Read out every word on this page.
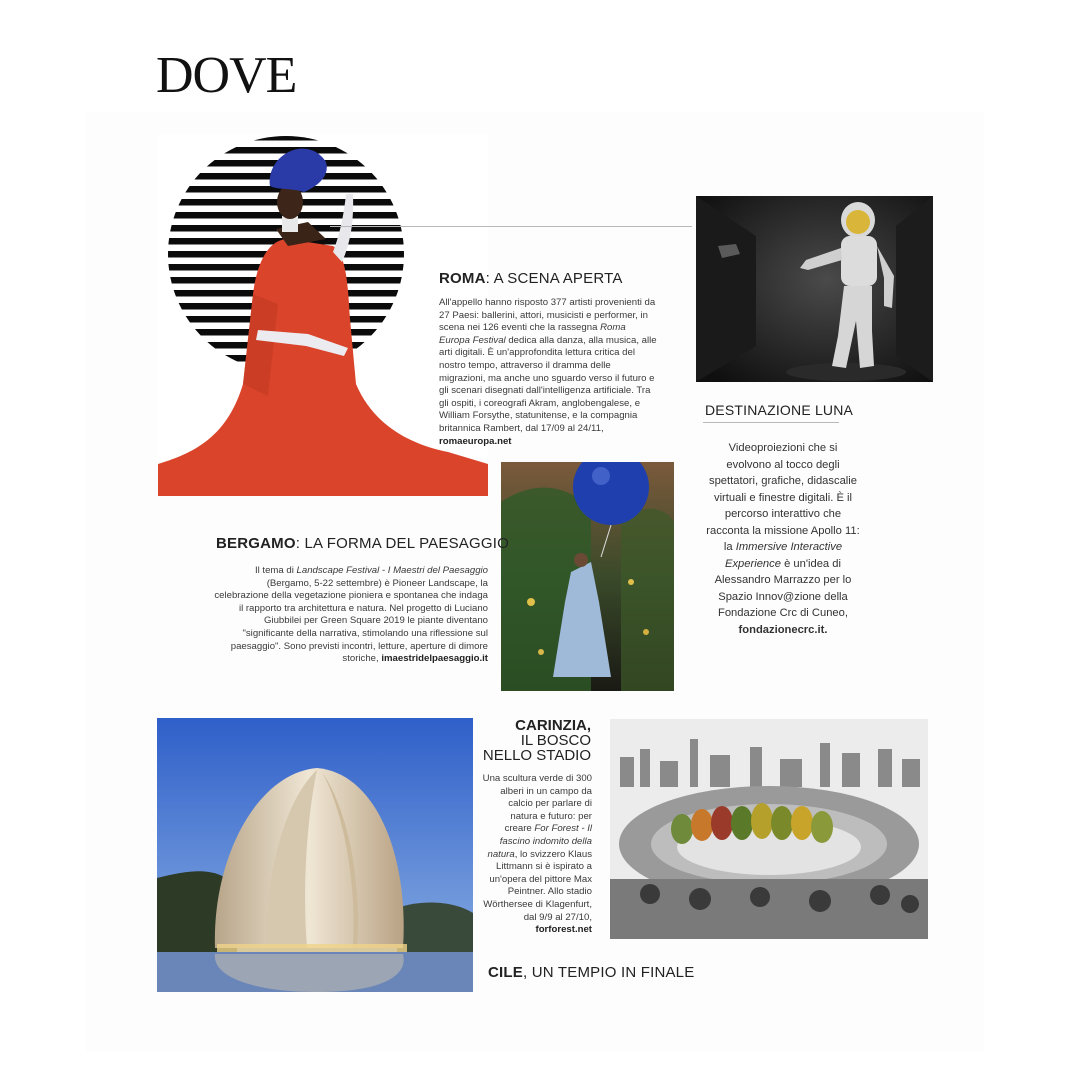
DOVE
ROMA: A SCENA APERTA
All'appello hanno risposto 377 artisti provenienti da 27 Paesi: ballerini, attori, musicisti e performer, in scena nei 126 eventi che la rassegna Roma Europa Festival dedica alla danza, alla musica, alle arti digitali. È un'approfondita lettura critica del nostro tempo, attraverso il dramma delle migrazioni, ma anche uno sguardo verso il futuro e gli scenari disegnati dall'intelligenza artificiale. Tra gli ospiti, i coreografi Akram, anglobengalese, e William Forsythe, statunitense, e la compagnia britannica Rambert, dal 17/09 al 24/11, romaeuropa.net
DESTINAZIONE LUNA
Videoproiezioni che si evolvono al tocco degli spettatori, grafiche, didascalie virtuali e finestre digitali. È il percorso interattivo che racconta la missione Apollo 11: la Immersive Interactive Experience è un'idea di Alessandro Marrazzo per lo Spazio Innov@zione della Fondazione Crc di Cuneo, fondazionecrc.it.
BERGAMO: LA FORMA DEL PAESAGGIO
Il tema di Landscape Festival - I Maestri del Paesaggio (Bergamo, 5-22 settembre) è Pioneer Landscape, la celebrazione della vegetazione pioniera e spontanea che indaga il rapporto tra architettura e natura. Nel progetto di Luciano Giubbilei per Green Square 2019 le piante diventano "significante della narrativa, stimolando una riflessione sul paesaggio". Sono previsti incontri, letture, aperture di dimore storiche, imaestridelpaesaggio.it
CARINZIA,
IL BOSCO
NELLO STADIO
Una scultura verde di 300 alberi in un campo da calcio per parlare di natura e futuro: per creare For Forest - Il fascino indomito della natura, lo svizzero Klaus Littmann si è ispirato a un'opera del pittore Max Peintner. Allo stadio Wörthersee di Klagenfurt, dal 9/9 al 27/10, forforest.net
CILE, UN TEMPIO IN FINALE
